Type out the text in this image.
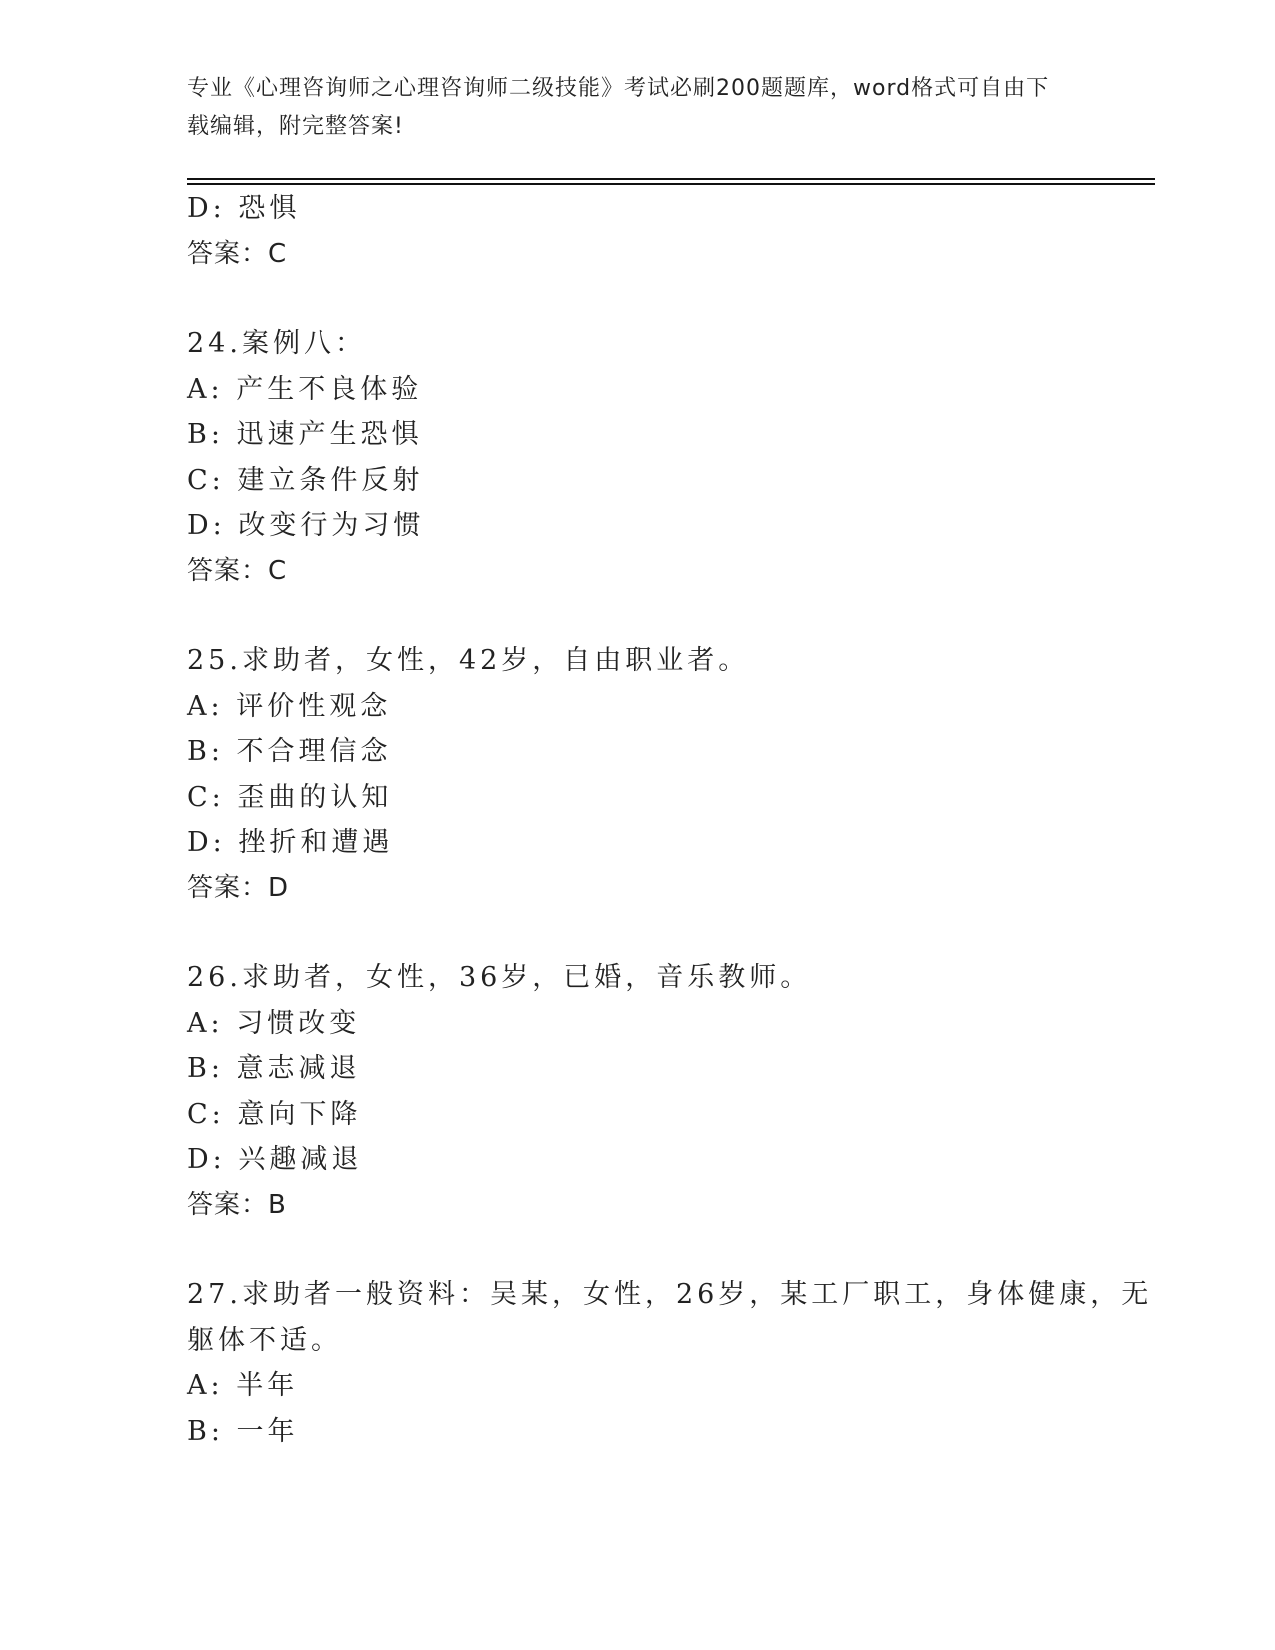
专业《心理咨询师之心理咨询师二级技能》考试必刷200题题库，word格式可自由下载编辑，附完整答案!
D: 恐惧
答案：C
24.案例八：
A: 产生不良体验
B: 迅速产生恐惧
C: 建立条件反射
D: 改变行为习惯
答案：C
25.求助者，女性，42岁，自由职业者。
A: 评价性观念
B: 不合理信念
C: 歪曲的认知
D: 挫折和遭遇
答案：D
26.求助者，女性，36岁，已婚，音乐教师。
A: 习惯改变
B: 意志减退
C: 意向下降
D: 兴趣减退
答案：B
27.求助者一般资料：吴某，女性，26岁，某工厂职工，身体健康，无
躯体不适。
A: 半年
B: 一年
